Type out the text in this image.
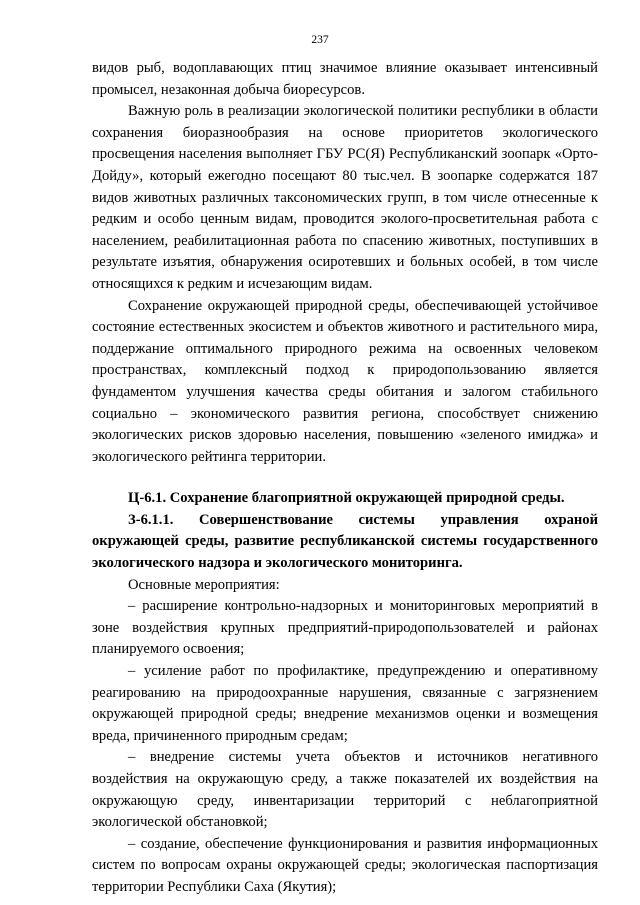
237

видов рыб, водоплавающих птиц значимое влияние оказывает интенсивный промысел, незаконная добыча биоресурсов.

Важную роль в реализации экологической политики республики в области сохранения биоразнообразия на основе приоритетов экологического просвещения населения выполняет ГБУ РС(Я) Республиканский зоопарк «Орто-Дойду», который ежегодно посещают 80 тыс.чел. В зоопарке содержатся 187 видов животных различных таксономических групп, в том числе отнесенные к редким и особо ценным видам, проводится эколого-просветительная работа с населением, реабилитационная работа по спасению животных, поступивших в результате изъятия, обнаружения осиротевших и больных особей, в том числе относящихся к редким и исчезающим видам.

Сохранение окружающей природной среды, обеспечивающей устойчивое состояние естественных экосистем и объектов животного и растительного мира, поддержание оптимального природного режима на освоенных человеком пространствах, комплексный подход к природопользованию является фундаментом улучшения качества среды обитания и залогом стабильного социально – экономического развития региона, способствует снижению экологических рисков здоровью населения, повышению «зеленого имиджа» и экологического рейтинга территории.

Ц-6.1. Сохранение благоприятной окружающей природной среды.

З-6.1.1. Совершенствование системы управления охраной окружающей среды, развитие республиканской системы государственного экологического надзора и экологического мониторинга.

Основные мероприятия:

– расширение контрольно-надзорных и мониторинговых мероприятий в зоне воздействия крупных предприятий-природопользователей и районах планируемого освоения;

– усиление работ по профилактике, предупреждению и оперативному реагированию на природоохранные нарушения, связанные с загрязнением окружающей природной среды; внедрение механизмов оценки и возмещения вреда, причиненного природным средам;

– внедрение системы учета объектов и источников негативного воздействия на окружающую среду, а также показателей их воздействия на окружающую среду, инвентаризации территорий с неблагоприятной экологической обстановкой;

– создание, обеспечение функционирования и развития информационных систем по вопросам охраны окружающей среды; экологическая паспортизация территории Республики Саха (Якутия);
